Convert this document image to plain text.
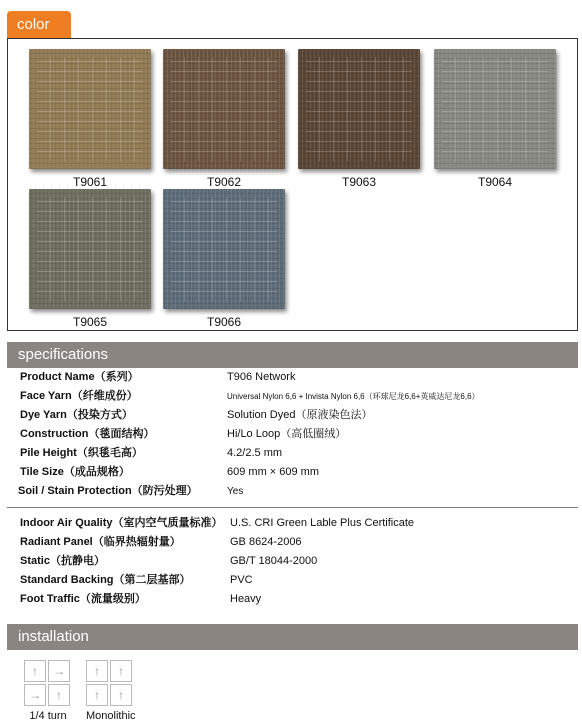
color
T9061	T9062	T9063	T9064
T9065	T9066
specifications
Product Name（系列）	T906 Network
Face Yarn（纤维成份）	Universal Nylon 6,6 + Invista Nylon 6,6（环球尼龙6,6+英威达尼龙6,6）
Dye Yarn（投染方式）	Solution Dyed（原液染色法）
Construction（毯面结构）	Hi/Lo Loop（高低圈绒）
Pile Height（织毯毛高）	4.2/2.5 mm
Tile Size（成品规格）	609 mm × 609 mm
Soil / Stain Protection（防污处理）	Yes
Indoor Air Quality（室内空气质量标准） U.S. CRI Green Lable Plus Certificate
Radiant Panel（临界热辐射量）	GB 8624-2006
Static（抗静电）	GB/T 18044-2000
Standard Backing（第二层基部）	PVC
Foot Traffic（流量级别）	Heavy
installation
↑	→
→	↑
1/4 turn
↑	↑
↑	↑
Monolithic
